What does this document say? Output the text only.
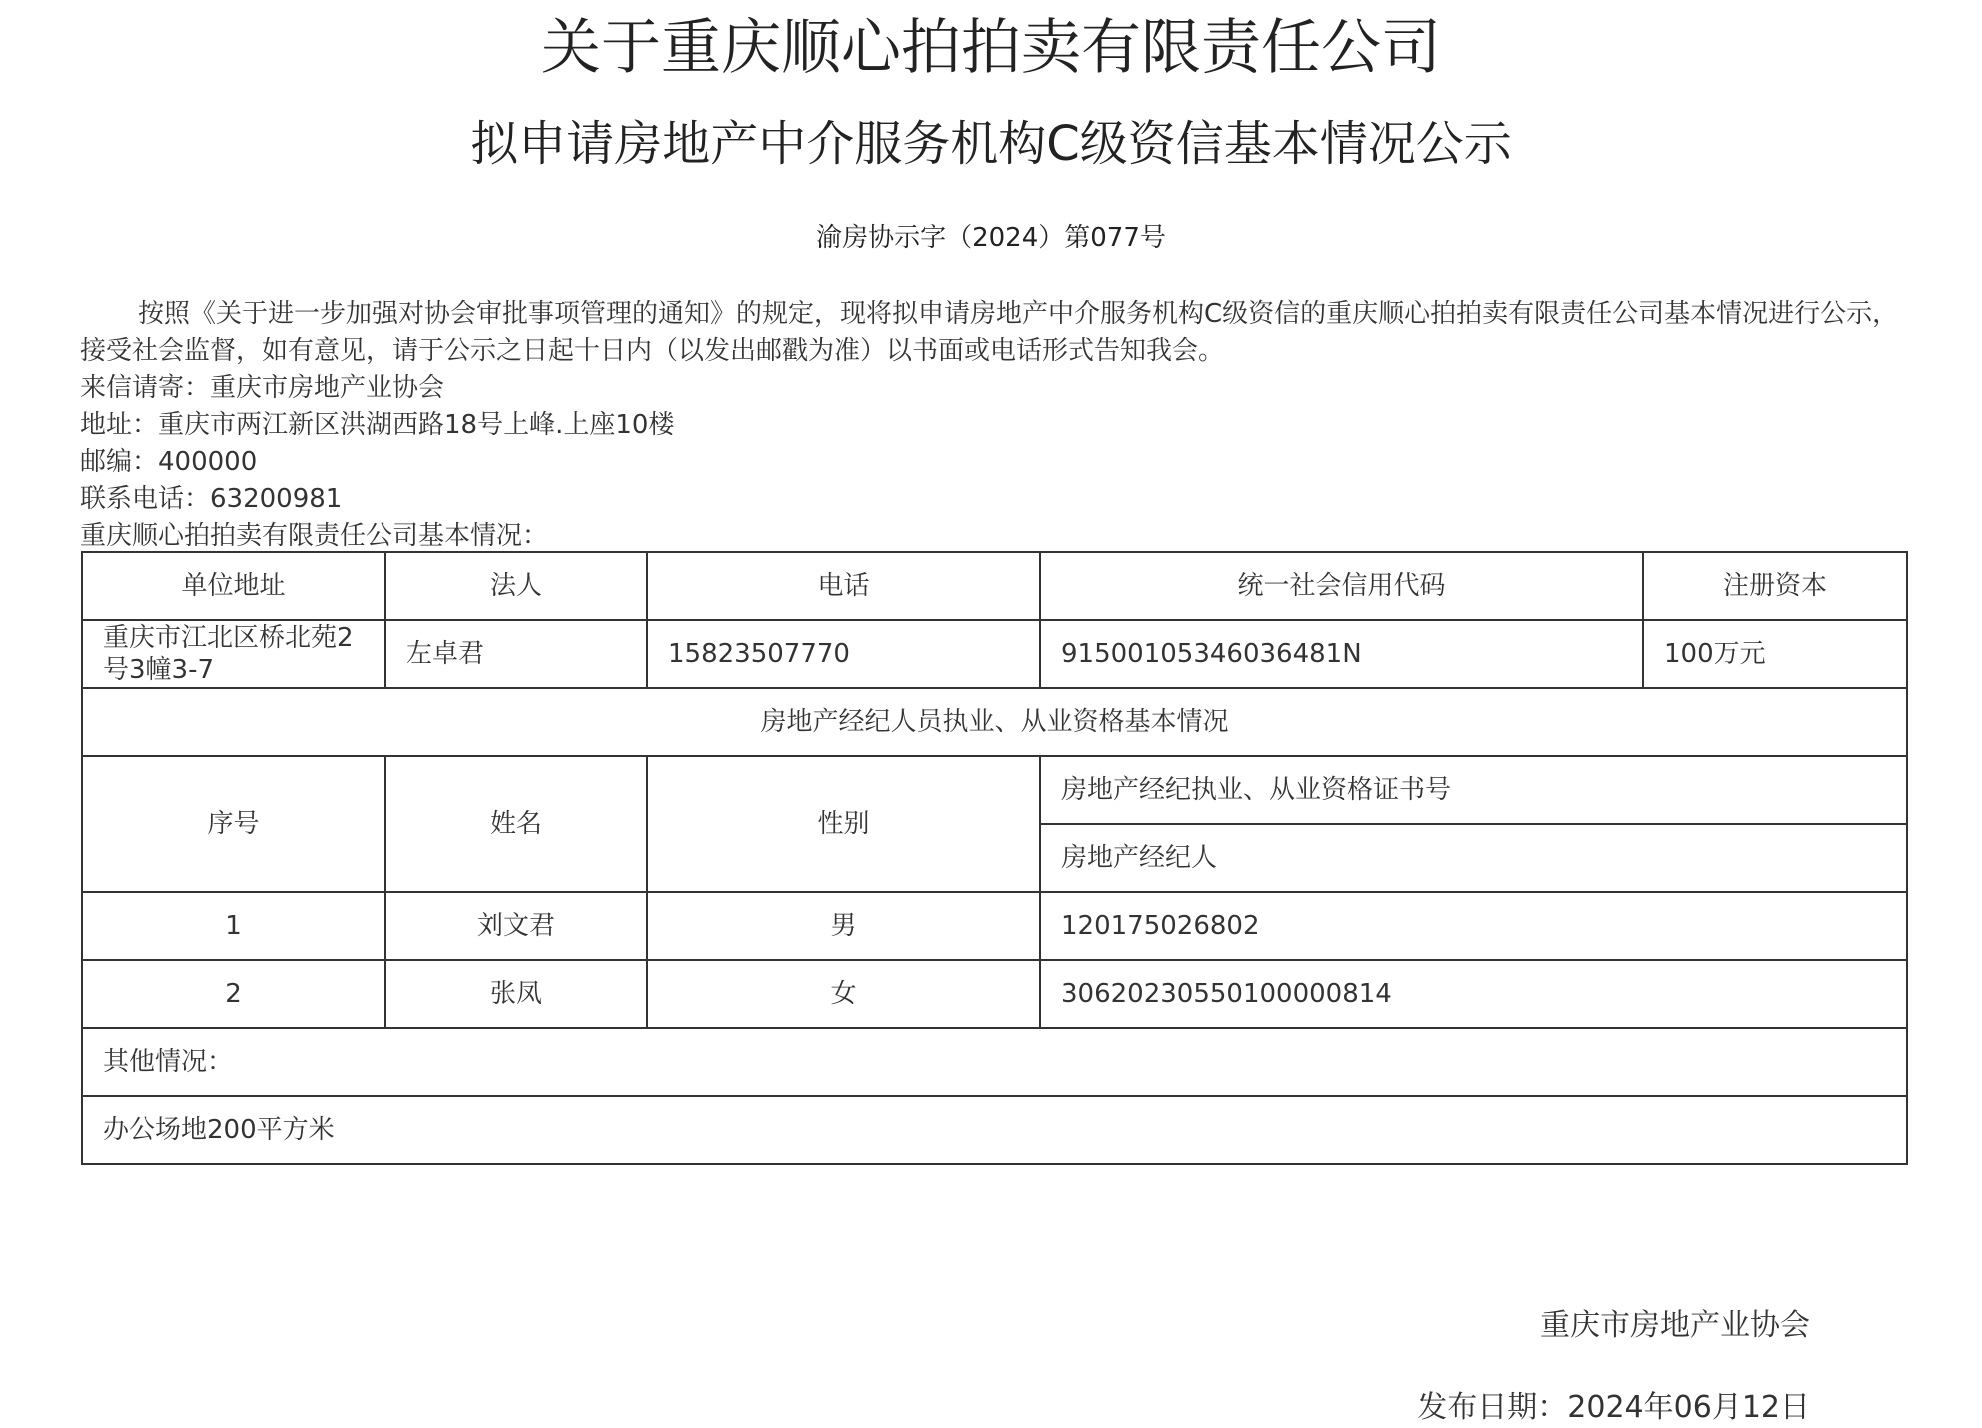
关于重庆顺心拍拍卖有限责任公司
拟申请房地产中介服务机构C级资信基本情况公示
渝房协示字（2024）第077号

按照《关于进一步加强对协会审批事项管理的通知》的规定，现将拟申请房地产中介服务机构C级资信的重庆顺心拍拍卖有限责任公司基本情况进行公示，接受社会监督，如有意见，请于公示之日起十日内（以发出邮戳为准）以书面或电话形式告知我会。

来信请寄：重庆市房地产业协会

地址：重庆市两江新区洪湖西路18号上峰.上座10楼

邮编：400000

联系电话：63200981

重庆顺心拍拍卖有限责任公司基本情况：

单位地址	法人	电话	统一社会信用代码	注册资本
重庆市江北区桥北苑2号3幢3-7	左卓君	15823507770	91500105346036481N	100万元
房地产经纪人员执业、从业资格基本情况				
序号	姓名	性别	房地产经纪执业、从业资格证书号	
			房地产经纪人	
1	刘文君	男	120175026802	
2	张凤	女	30620230550100000814	
其他情况：				
办公场地200平方米				
重庆市房地产业协会
发布日期：2024年06月12日
